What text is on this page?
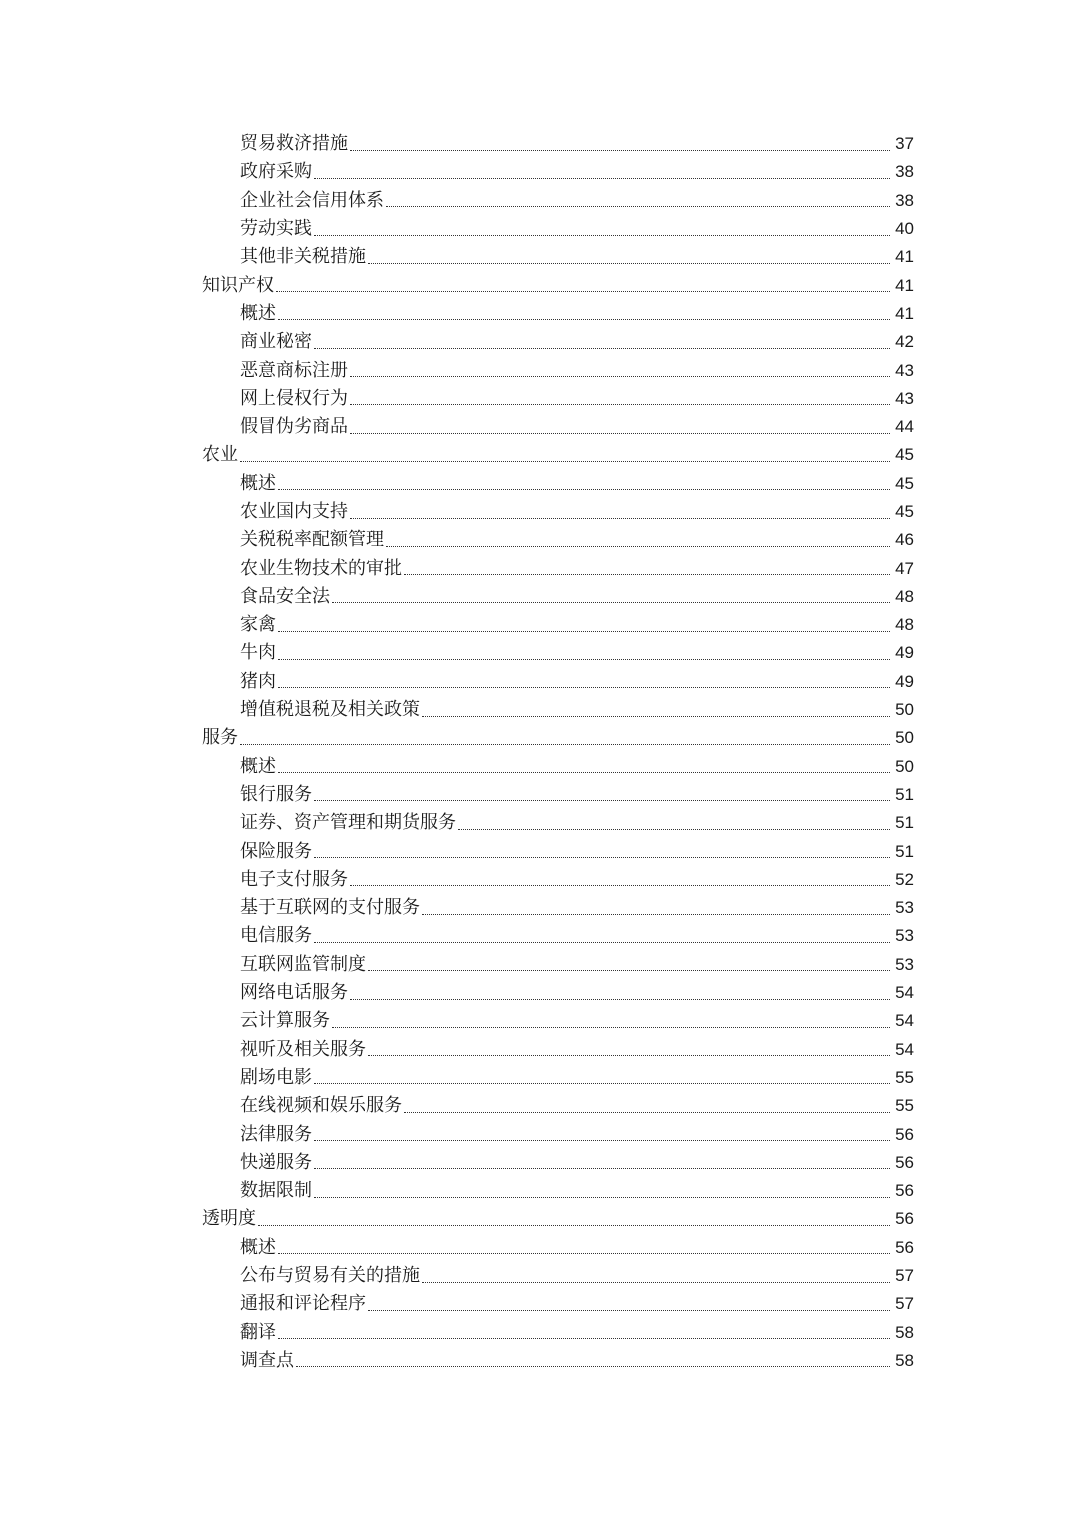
贸易救济措施	37
政府采购	38
企业社会信用体系	38
劳动实践	40
其他非关税措施	41
知识产权	41
概述	41
商业秘密	42
恶意商标注册	43
网上侵权行为	43
假冒伪劣商品	44
农业	45
概述	45
农业国内支持	45
关税税率配额管理	46
农业生物技术的审批	47
食品安全法	48
家禽	48
牛肉	49
猪肉	49
增值税退税及相关政策	50
服务	50
概述	50
银行服务	51
证券、资产管理和期货服务	51
保险服务	51
电子支付服务	52
基于互联网的支付服务	53
电信服务	53
互联网监管制度	53
网络电话服务	54
云计算服务	54
视听及相关服务	54
剧场电影	55
在线视频和娱乐服务	55
法律服务	56
快递服务	56
数据限制	56
透明度	56
概述	56
公布与贸易有关的措施	57
通报和评论程序	57
翻译	58
调查点	58
